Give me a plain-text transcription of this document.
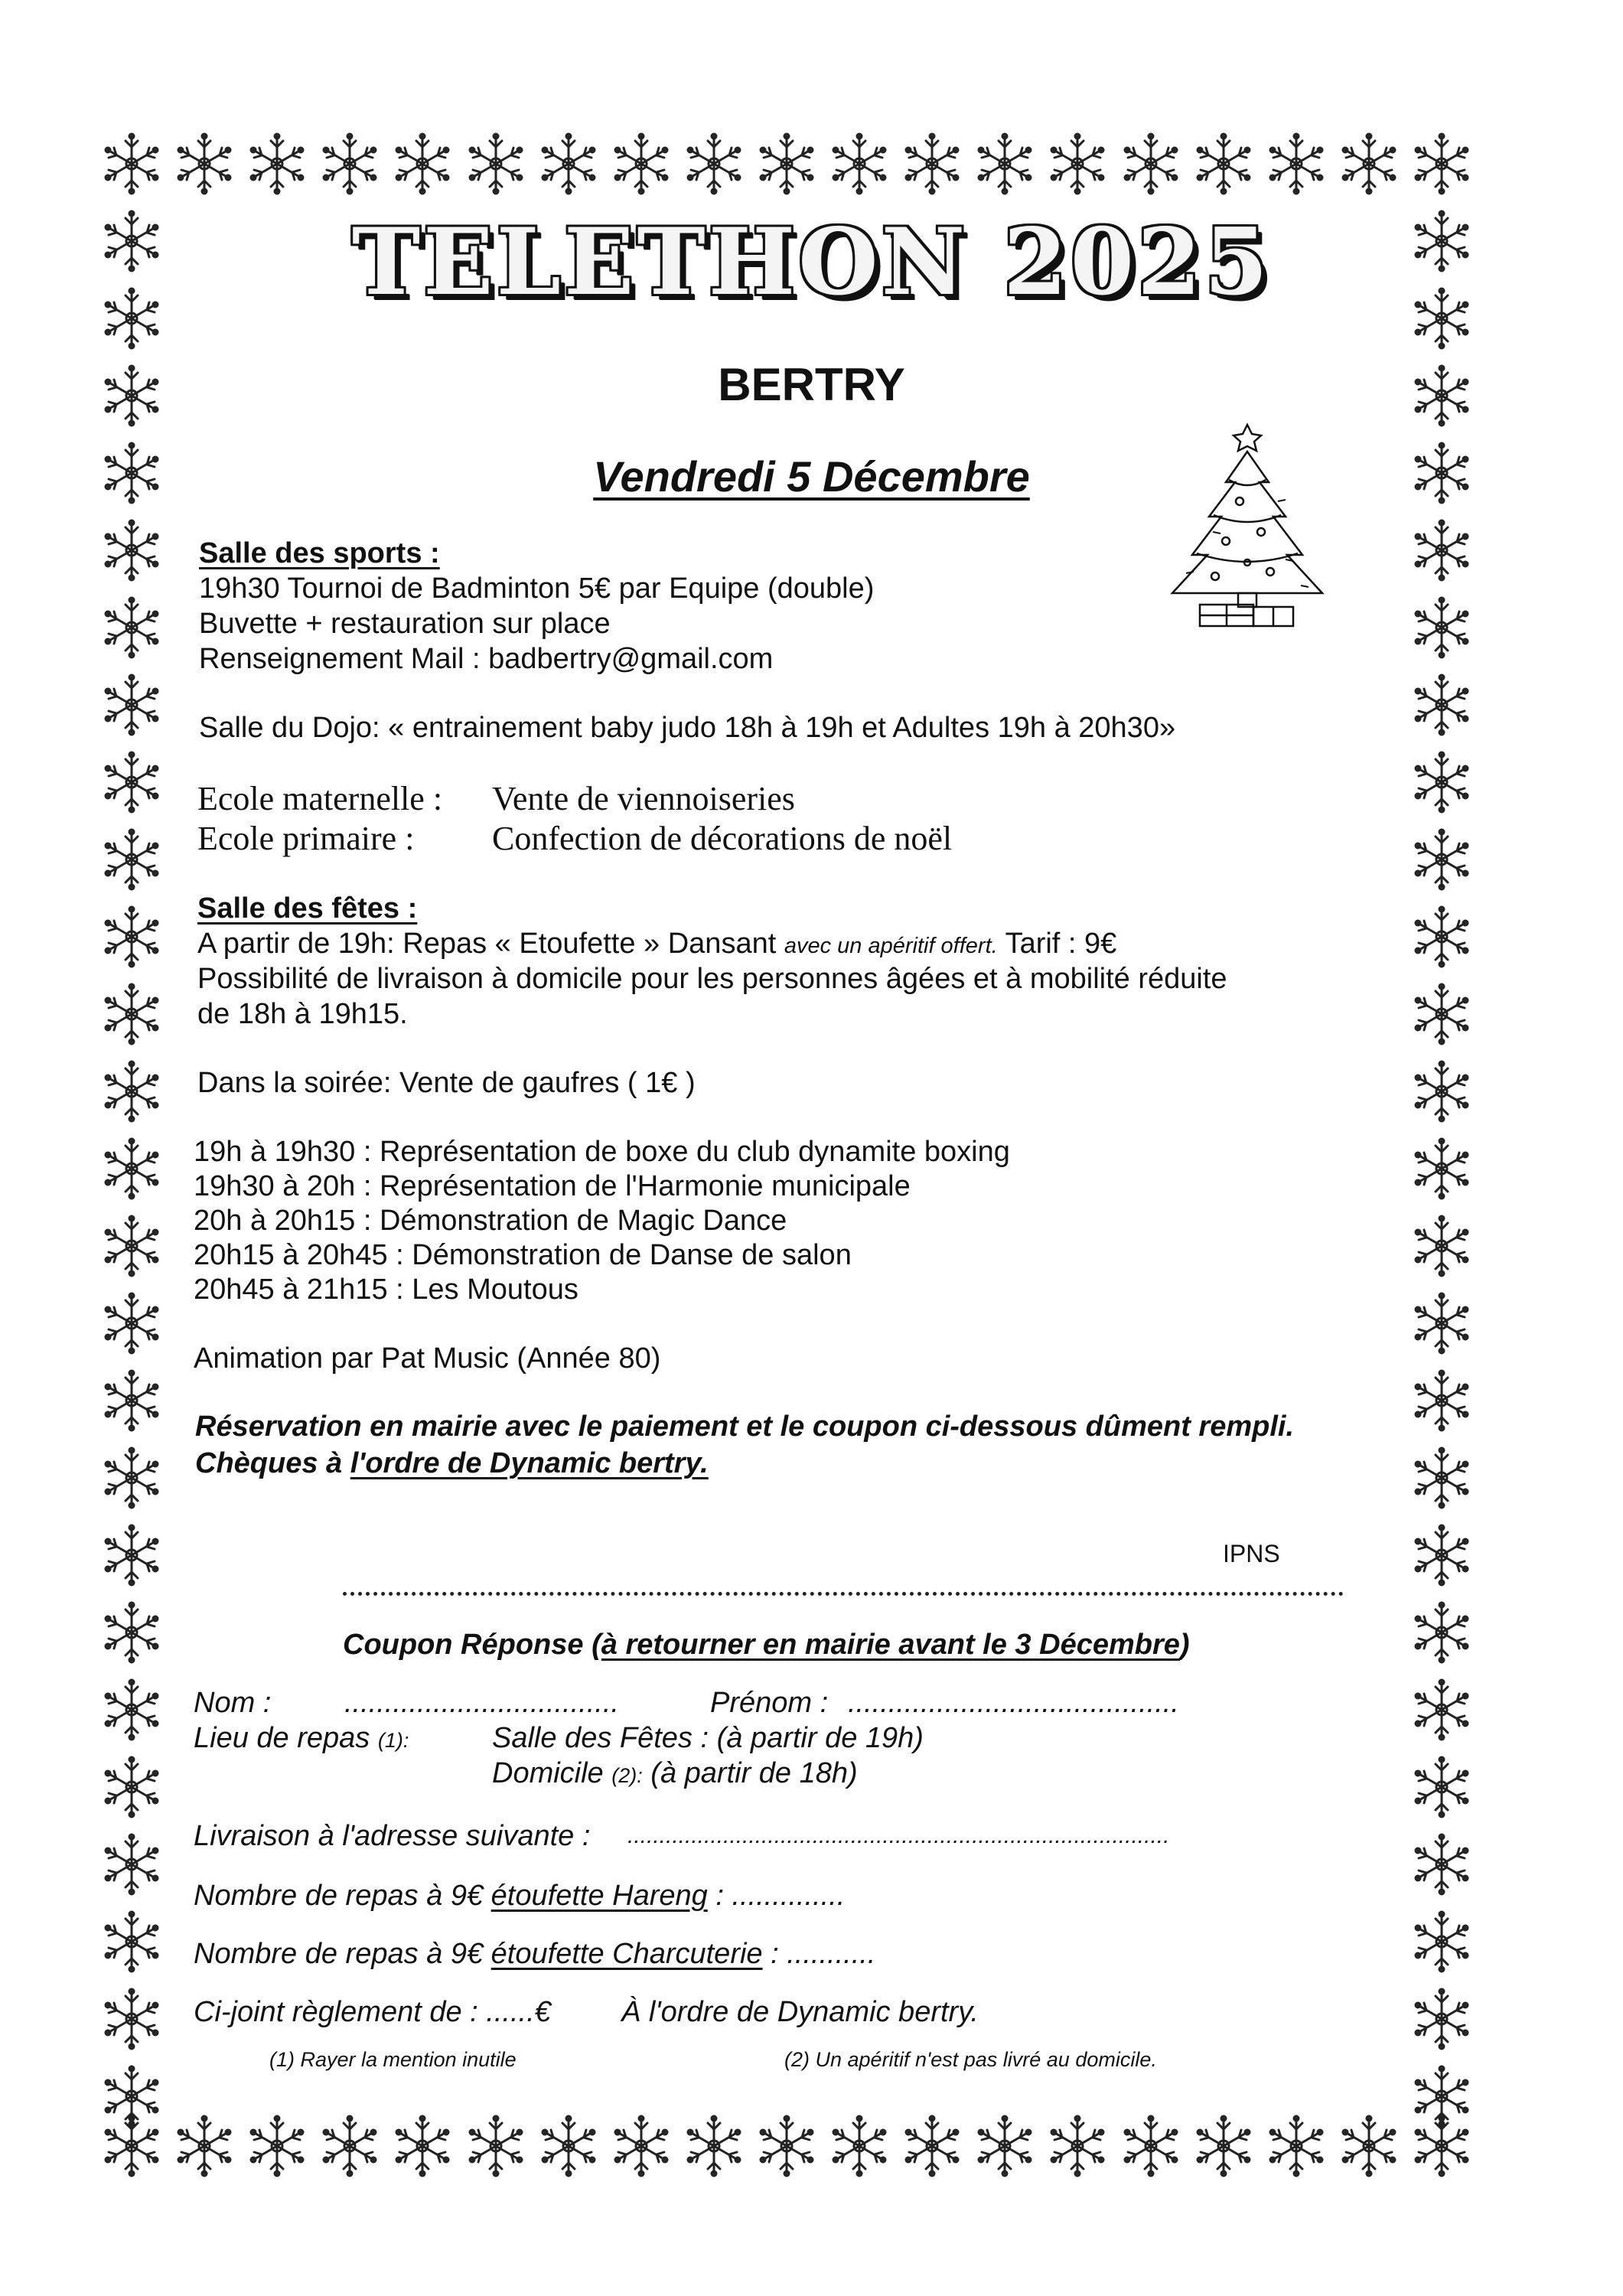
TELETHON 2025
BERTRY
Vendredi 5 Décembre
Salle des sports :
19h30 Tournoi de Badminton 5€ par Equipe (double)
Buvette + restauration sur place
Renseignement Mail : badbertry@gmail.com
Salle du Dojo: « entrainement baby judo 18h à 19h et Adultes 19h à 20h30»
Ecole maternelle : Vente de viennoiseries
Ecole primaire : Confection de décorations de noël
Salle des fêtes :
A partir de 19h: Repas « Etoufette » Dansant avec un apéritif offert. Tarif : 9€
Possibilité de livraison à domicile pour les personnes âgées et à mobilité réduite
de 18h à 19h15.
Dans la soirée: Vente de gaufres ( 1€ )
19h à 19h30 : Représentation de boxe du club dynamite boxing
19h30 à 20h : Représentation de l'Harmonie municipale
20h à 20h15 : Démonstration de Magic Dance
20h15 à 20h45 : Démonstration de Danse de salon
20h45 à 21h15 : Les Moutous
Animation par Pat Music (Année 80)
Réservation en mairie avec le paiement et le coupon ci-dessous dûment rempli.
Chèques à l'ordre de Dynamic bertry.
IPNS
Coupon Réponse (à retourner en mairie avant le 3 Décembre)
Nom :	..................................	Prénom : .........................................
Lieu de repas (1):	Salle des Fêtes : (à partir de 19h)
Domicile (2): (à partir de 18h)
Livraison à l'adresse suivante : .....................................................................................
Nombre de repas à 9€ étoufette Hareng : ..............
Nombre de repas à 9€ étoufette Charcuterie : ...........
Ci-joint règlement de : ......€ À l'ordre de Dynamic bertry.
(1) Rayer la mention inutile	(2) Un apéritif n'est pas livré au domicile.
